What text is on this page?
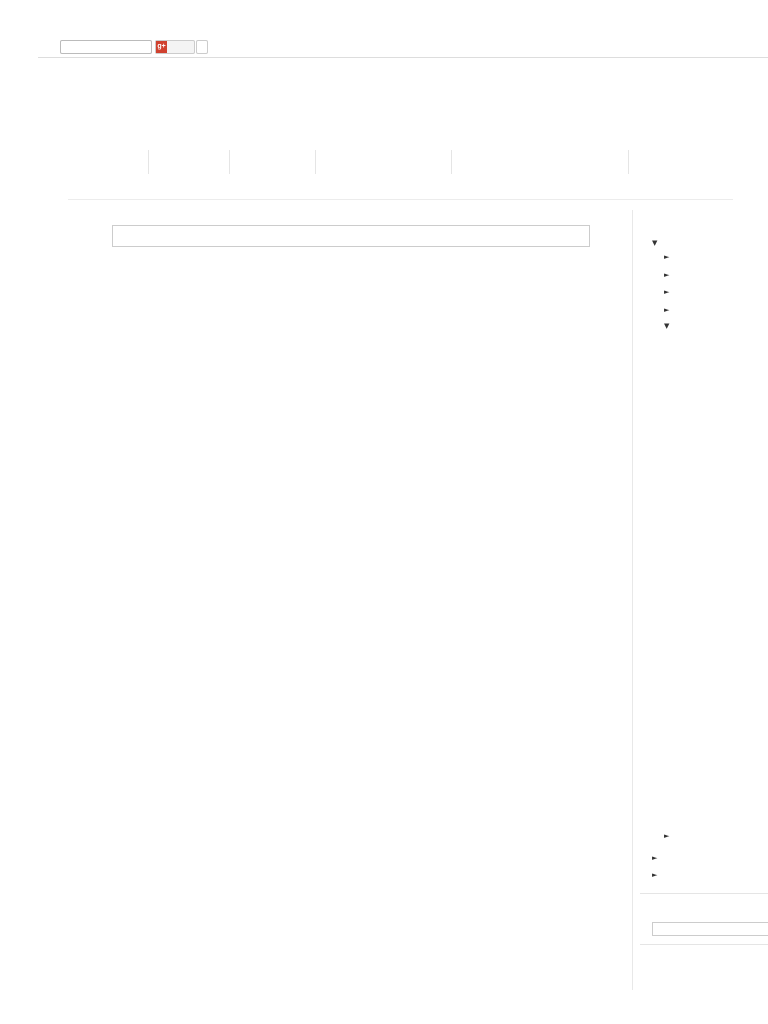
g+
▼
►
►
►
►
▼
►
►
►
